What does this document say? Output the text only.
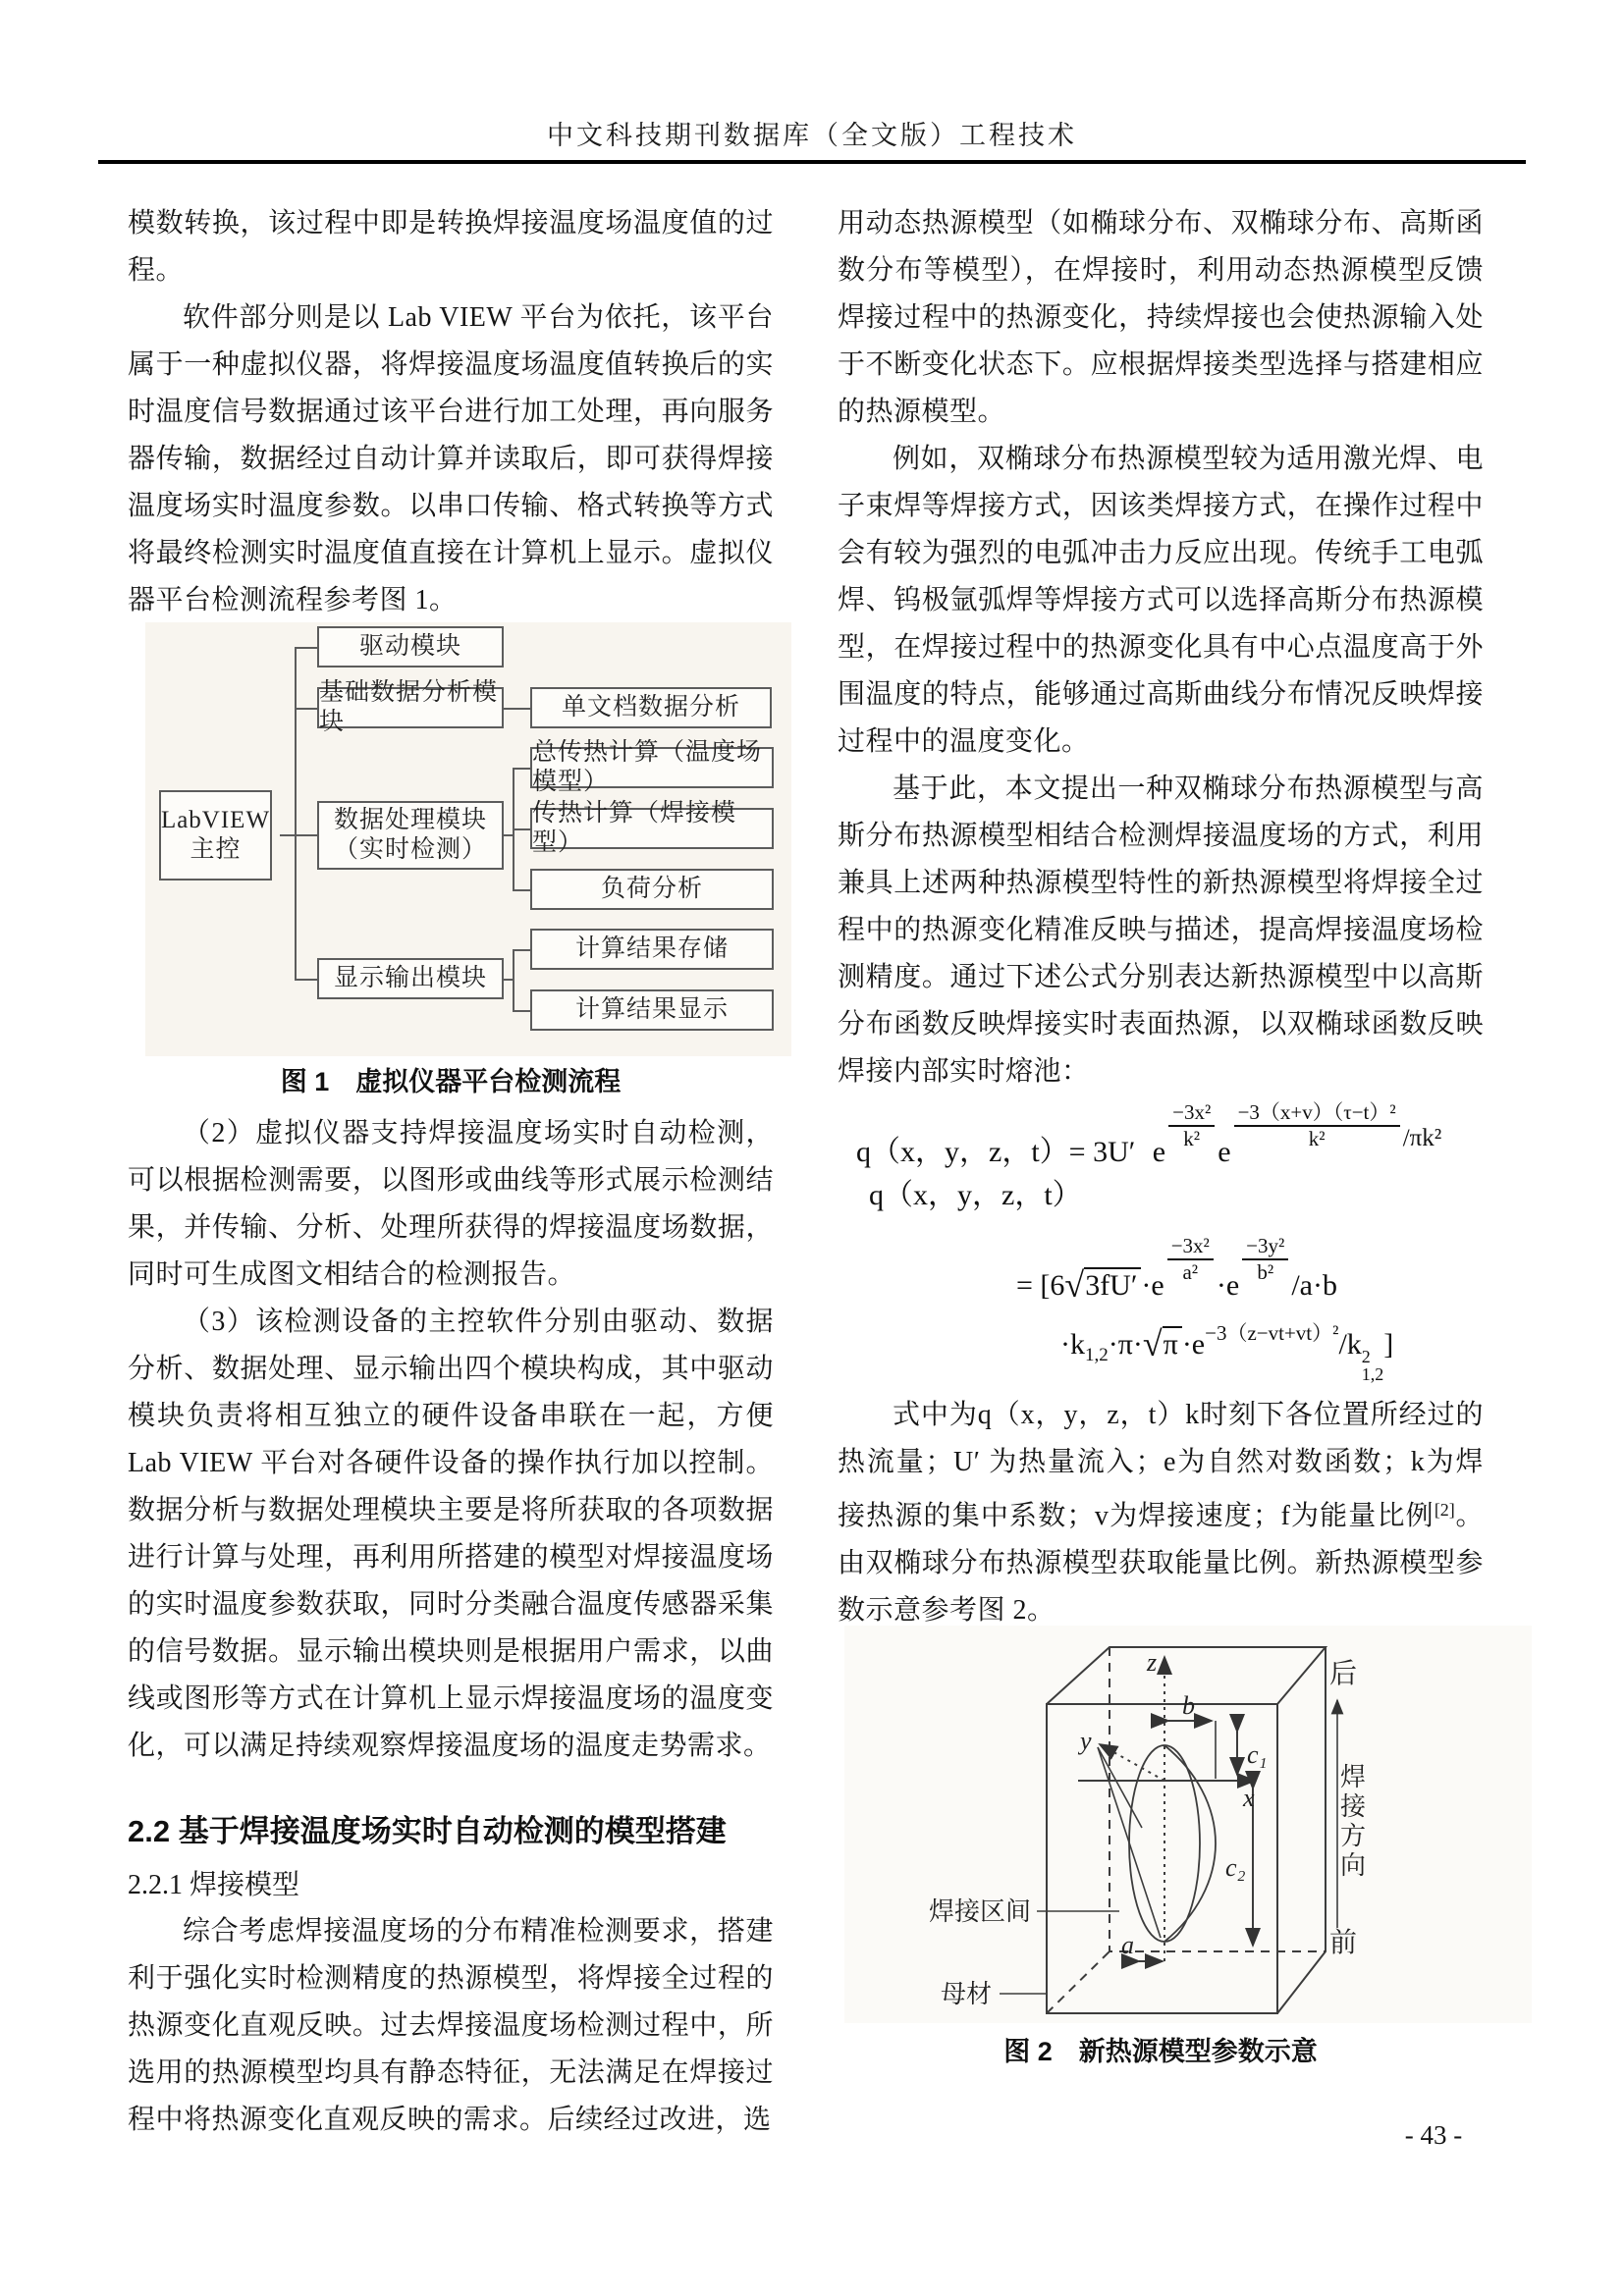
中文科技期刊数据库（全文版）工程技术

模数转换，该过程中即是转换焊接温度场温度值的过程。

软件部分则是以 Lab VIEW 平台为依托，该平台属于一种虚拟仪器，将焊接温度场温度值转换后的实时温度信号数据通过该平台进行加工处理，再向服务器传输，数据经过自动计算并读取后，即可获得焊接温度场实时温度参数。以串口传输、格式转换等方式将最终检测实时温度值直接在计算机上显示。虚拟仪器平台检测流程参考图 1。

LabVIEW
主控
驱动模块
基础数据分析模块
单文档数据分析
总传热计算（温度场模型）
数据处理模块
（实时检测）
传热计算（焊接模型）
负荷分析
计算结果存储
显示输出模块
计算结果显示
图 1　虚拟仪器平台检测流程

（2）虚拟仪器支持焊接温度场实时自动检测，可以根据检测需要，以图形或曲线等形式展示检测结果，并传输、分析、处理所获得的焊接温度场数据，同时可生成图文相结合的检测报告。

（3）该检测设备的主控软件分别由驱动、数据分析、数据处理、显示输出四个模块构成，其中驱动模块负责将相互独立的硬件设备串联在一起，方便 Lab VIEW 平台对各硬件设备的操作执行加以控制。数据分析与数据处理模块主要是将所获取的各项数据进行计算与处理，再利用所搭建的模型对焊接温度场的实时温度参数获取，同时分类融合温度传感器采集的信号数据。显示输出模块则是根据用户需求，以曲线或图形等方式在计算机上显示焊接温度场的温度变化，可以满足持续观察焊接温度场的温度走势需求。

2.2 基于焊接温度场实时自动检测的模型搭建
2.2.1 焊接模型

综合考虑焊接温度场的分布精准检测要求，搭建利于强化实时检测精度的热源模型，将焊接全过程的热源变化直观反映。过去焊接温度场检测过程中，所选用的热源模型均具有静态特征，无法满足在焊接过程中将热源变化直观反映的需求。后续经过改进，选

用动态热源模型（如椭球分布、双椭球分布、高斯函数分布等模型），在焊接时，利用动态热源模型反馈焊接过程中的热源变化，持续焊接也会使热源输入处于不断变化状态下。应根据焊接类型选择与搭建相应的热源模型。

例如，双椭球分布热源模型较为适用激光焊、电子束焊等焊接方式，因该类焊接方式，在操作过程中会有较为强烈的电弧冲击力反应出现。传统手工电弧焊、钨极氩弧焊等焊接方式可以选择高斯分布热源模型，在焊接过程中的热源变化具有中心点温度高于外围温度的特点，能够通过高斯曲线分布情况反映焊接过程中的温度变化。

基于此，本文提出一种双椭球分布热源模型与高斯分布热源模型相结合检测焊接温度场的方式，利用兼具上述两种热源模型特性的新热源模型将焊接全过程中的热源变化精准反映与描述，提高焊接温度场检测精度。通过下述公式分别表达新热源模型中以高斯分布函数反映焊接实时表面热源，以双椭球函数反映焊接内部实时熔池：

q（x，y，z，t）= 3U′ e
$\frac{\text{−3x²}}{\text{k²}}$
e
$\frac{\text{−3（x+v）（τ−t）²}}{\text{k²}} ^{/\pi k^2}$
q（x，y，z，t）
= [6√3fU′ ·e
$\frac{\text{−3x²}}{\text{a²}}$
·e
$\frac{\text{−3y²}}{\text{b²}}$
/a·b
$\cdot k_{1,2}\cdot\pi\cdot√\pi \cdot e^{-3(z-vt+vt)^2}/k$ 2
1,2
]

式中为q（x，y，z，t）k时刻下各位置所经过的热流量；U′ 为热量流入；e为自然对数函数；k为焊接热源的集中系数；v为焊接速度；f为能量比例[2]。由双椭球分布热源模型获取能量比例。新热源模型参数示意参考图 2。

z
y
x
b
c₁
c₂
a
焊接区间
母材
后
前
焊接方向
图 2　新热源模型参数示意
- 43 -
